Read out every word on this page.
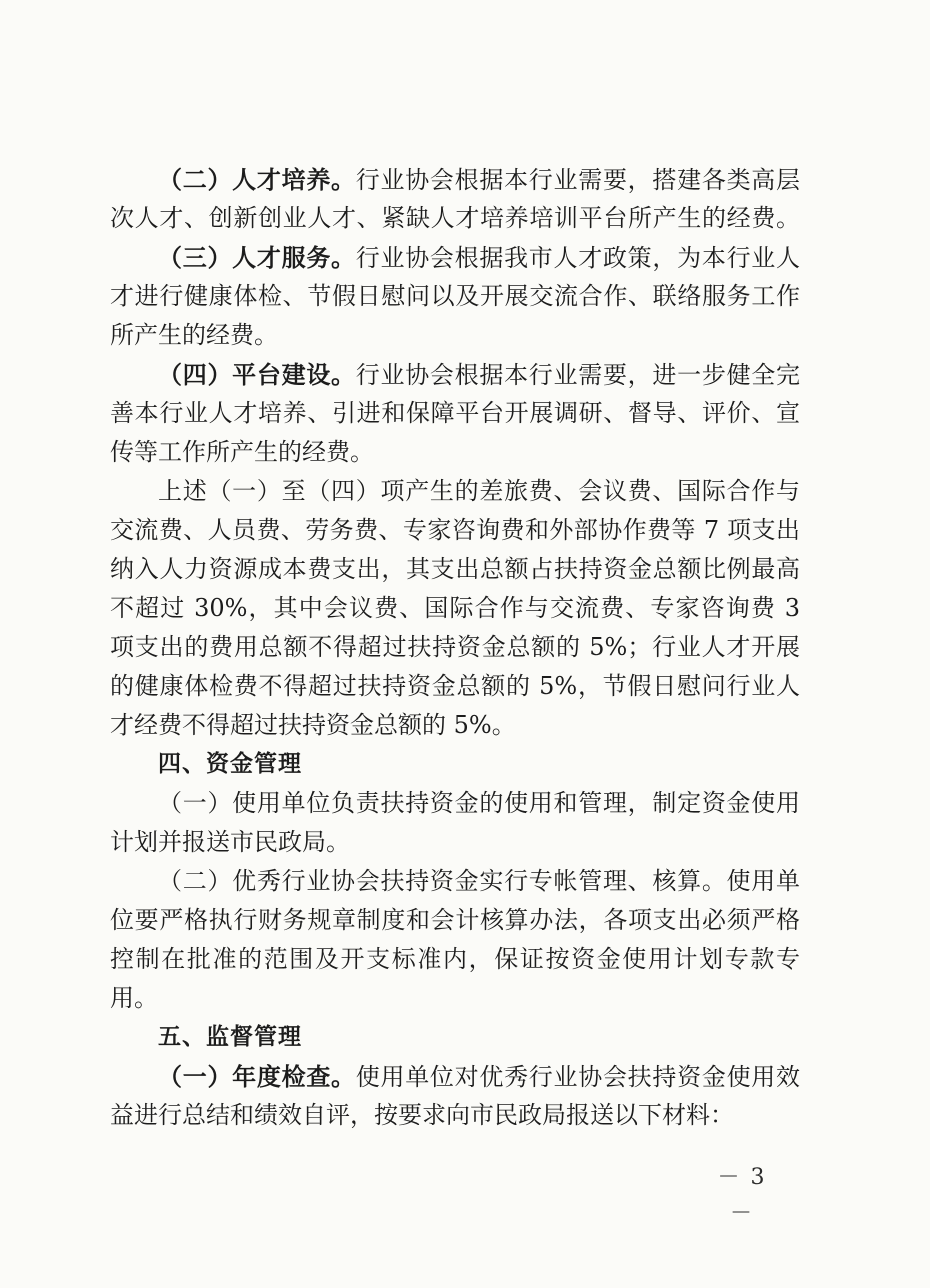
（二）人才培养。行业协会根据本行业需要，搭建各类高层
次人才、创新创业人才、紧缺人才培养培训平台所产生的经费。
（三）人才服务。行业协会根据我市人才政策，为本行业人
才进行健康体检、节假日慰问以及开展交流合作、联络服务工作
所产生的经费。
（四）平台建设。行业协会根据本行业需要，进一步健全完
善本行业人才培养、引进和保障平台开展调研、督导、评价、宣
传等工作所产生的经费。
上述（一）至（四）项产生的差旅费、会议费、国际合作与
交流费、人员费、劳务费、专家咨询费和外部协作费等 7 项支出
纳入人力资源成本费支出，其支出总额占扶持资金总额比例最高
不超过 30%，其中会议费、国际合作与交流费、专家咨询费 3
项支出的费用总额不得超过扶持资金总额的 5%；行业人才开展
的健康体检费不得超过扶持资金总额的 5%，节假日慰问行业人
才经费不得超过扶持资金总额的 5%。
四、资金管理
（一）使用单位负责扶持资金的使用和管理，制定资金使用
计划并报送市民政局。
（二）优秀行业协会扶持资金实行专帐管理、核算。使用单
位要严格执行财务规章制度和会计核算办法，各项支出必须严格
控制在批准的范围及开支标准内，保证按资金使用计划专款专
用。
五、监督管理
（一）年度检查。使用单位对优秀行业协会扶持资金使用效
益进行总结和绩效自评，按要求向市民政局报送以下材料：
－ 3 －
